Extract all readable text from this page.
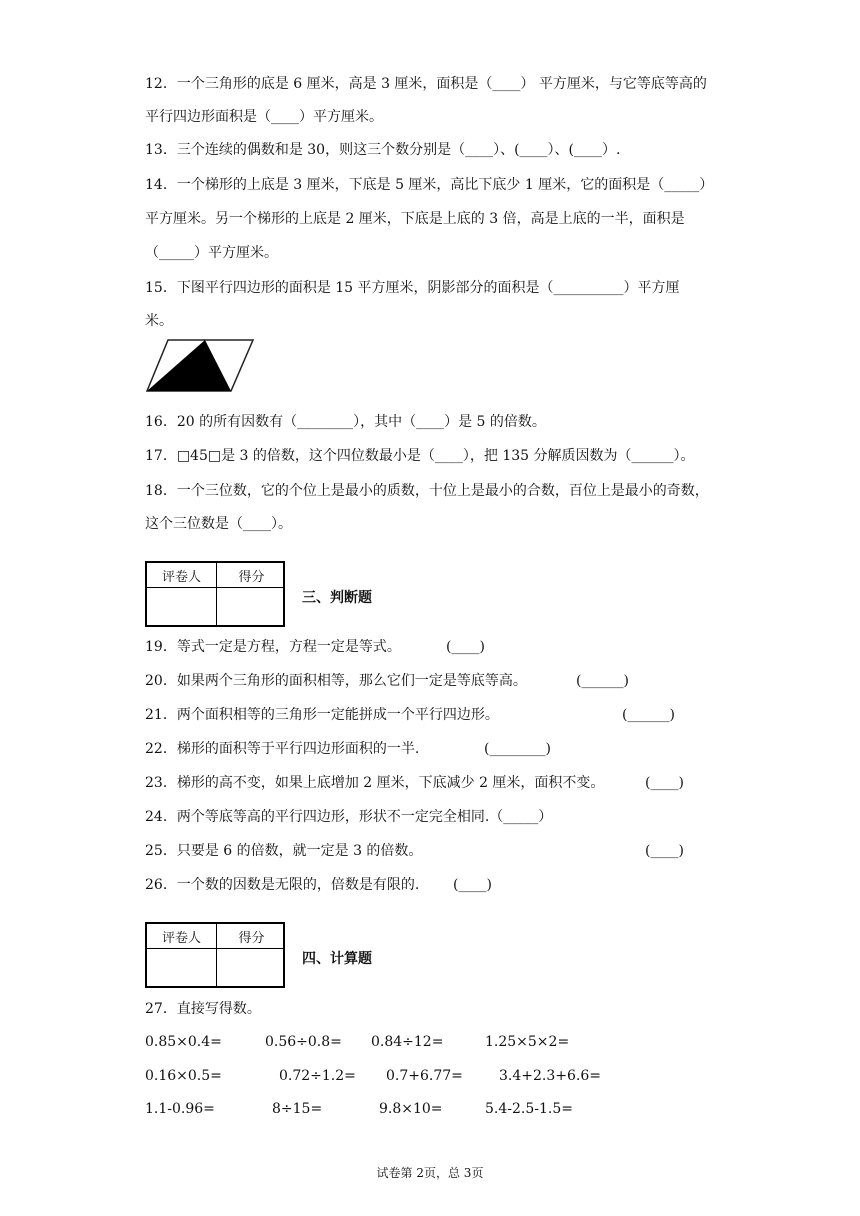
12．一个三角形的底是 6 厘米，高是 3 厘米，面积是（____） 平方厘米，与它等底等高的
平行四边形面积是（____）平方厘米。
13．三个连续的偶数和是 30，则这三个数分别是（____）、(____）、(____）.
14．一个梯形的上底是 3 厘米，下底是 5 厘米，高比下底少 1 厘米，它的面积是（_____）
平方厘米。另一个梯形的上底是 2 厘米，下底是上底的 3 倍，高是上底的一半，面积是
（_____）平方厘米。
15．下图平行四边形的面积是 15 平方厘米，阴影部分的面积是（__________）平方厘
米。
16．20 的所有因数有（________），其中（____）是 5 的倍数。
17．□45□是 3 的倍数，这个四位数最小是（____），把 135 分解质因数为（______）。
18．一个三位数，它的个位上是最小的质数，十位上是最小的合数，百位上是最小的奇数，
这个三位数是（____）。
评卷人	得分
三、判断题
19．等式一定是方程，方程一定是等式。	(____)
20．如果两个三角形的面积相等，那么它们一定是等底等高。	(______)
21．两个面积相等的三角形一定能拼成一个平行四边形。	(______)
22．梯形的面积等于平行四边形面积的一半.	(________)
23．梯形的高不变，如果上底增加 2 厘米，下底减少 2 厘米，面积不变。	(____)
24．两个等底等高的平行四边形，形状不一定完全相同.（_____）
25．只要是 6 的倍数，就一定是 3 的倍数。	(____)
26．一个数的因数是无限的，倍数是有限的. (____)
评卷人	得分
四、计算题
27．直接写得数。
0.85×0.4=	0.56÷0.8= 0.84÷12=	1.25×5×2=
0.16×0.5=	0.72÷1.2= 0.7+6.77=	3.4+2.3+6.6=
1.1-0.96=	8÷15=	9.8×10=	5.4-2.5-1.5=
试卷第 2页，总 3页
